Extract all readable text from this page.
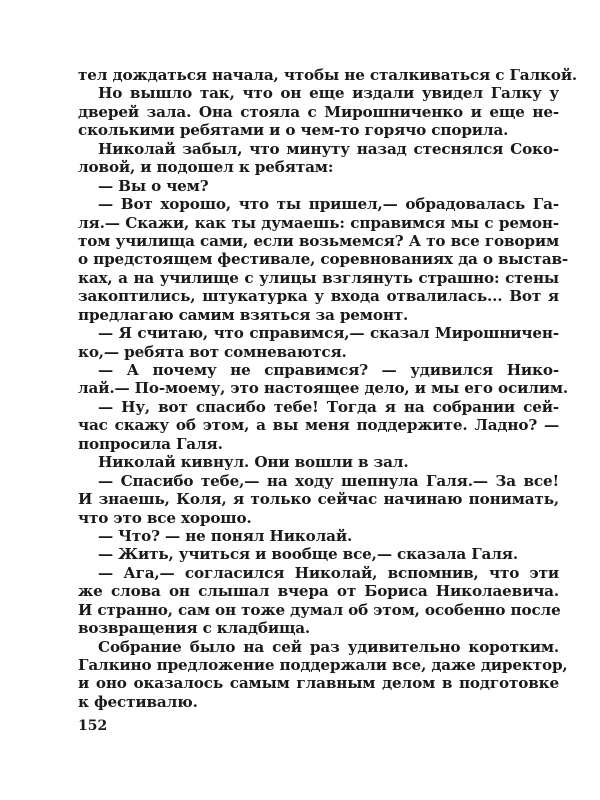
тел дождаться начала, чтобы не сталкиваться с Галкой.
Но вышло так, что он еще издали увидел Галку у
дверей зала. Она стояла с Мирошниченко и еще не-
сколькими ребятами и о чем-то горячо спорила.
Николай забыл, что минуту назад стеснялся Соко-
ловой, и подошел к ребятам:
— Вы о чем?
— Вот хорошо, что ты пришел,— обрадовалась Га-
ля.— Скажи, как ты думаешь: справимся мы с ремон-
том училища сами, если возьмемся? А то все говорим
о предстоящем фестивале, соревнованиях да о выстав-
ках, а на училище с улицы взглянуть страшно: стены
закоптились, штукатурка у входа отвалилась... Вот я
предлагаю самим взяться за ремонт.
— Я считаю, что справимся,— сказал Мирошничен-
ко,— ребята вот сомневаются.
— А почему не справимся? — удивился Нико-
лай.— По-моему, это настоящее дело, и мы его осилим.
— Ну, вот спасибо тебе! Тогда я на собрании сей-
час скажу об этом, а вы меня поддержите. Ладно? —
попросила Галя.
Николай кивнул. Они вошли в зал.
— Спасибо тебе,— на ходу шепнула Галя.— За все!
И знаешь, Коля, я только сейчас начинаю понимать,
что это все хорошо.
— Что? — не понял Николай.
— Жить, учиться и вообще все,— сказала Галя.
— Ага,— согласился Николай, вспомнив, что эти
же слова он слышал вчера от Бориса Николаевича.
И странно, сам он тоже думал об этом, особенно после
возвращения с кладбища.
Собрание было на сей раз удивительно коротким.
Галкино предложение поддержали все, даже директор,
и оно оказалось самым главным делом в подготовке
к фестивалю.
152
